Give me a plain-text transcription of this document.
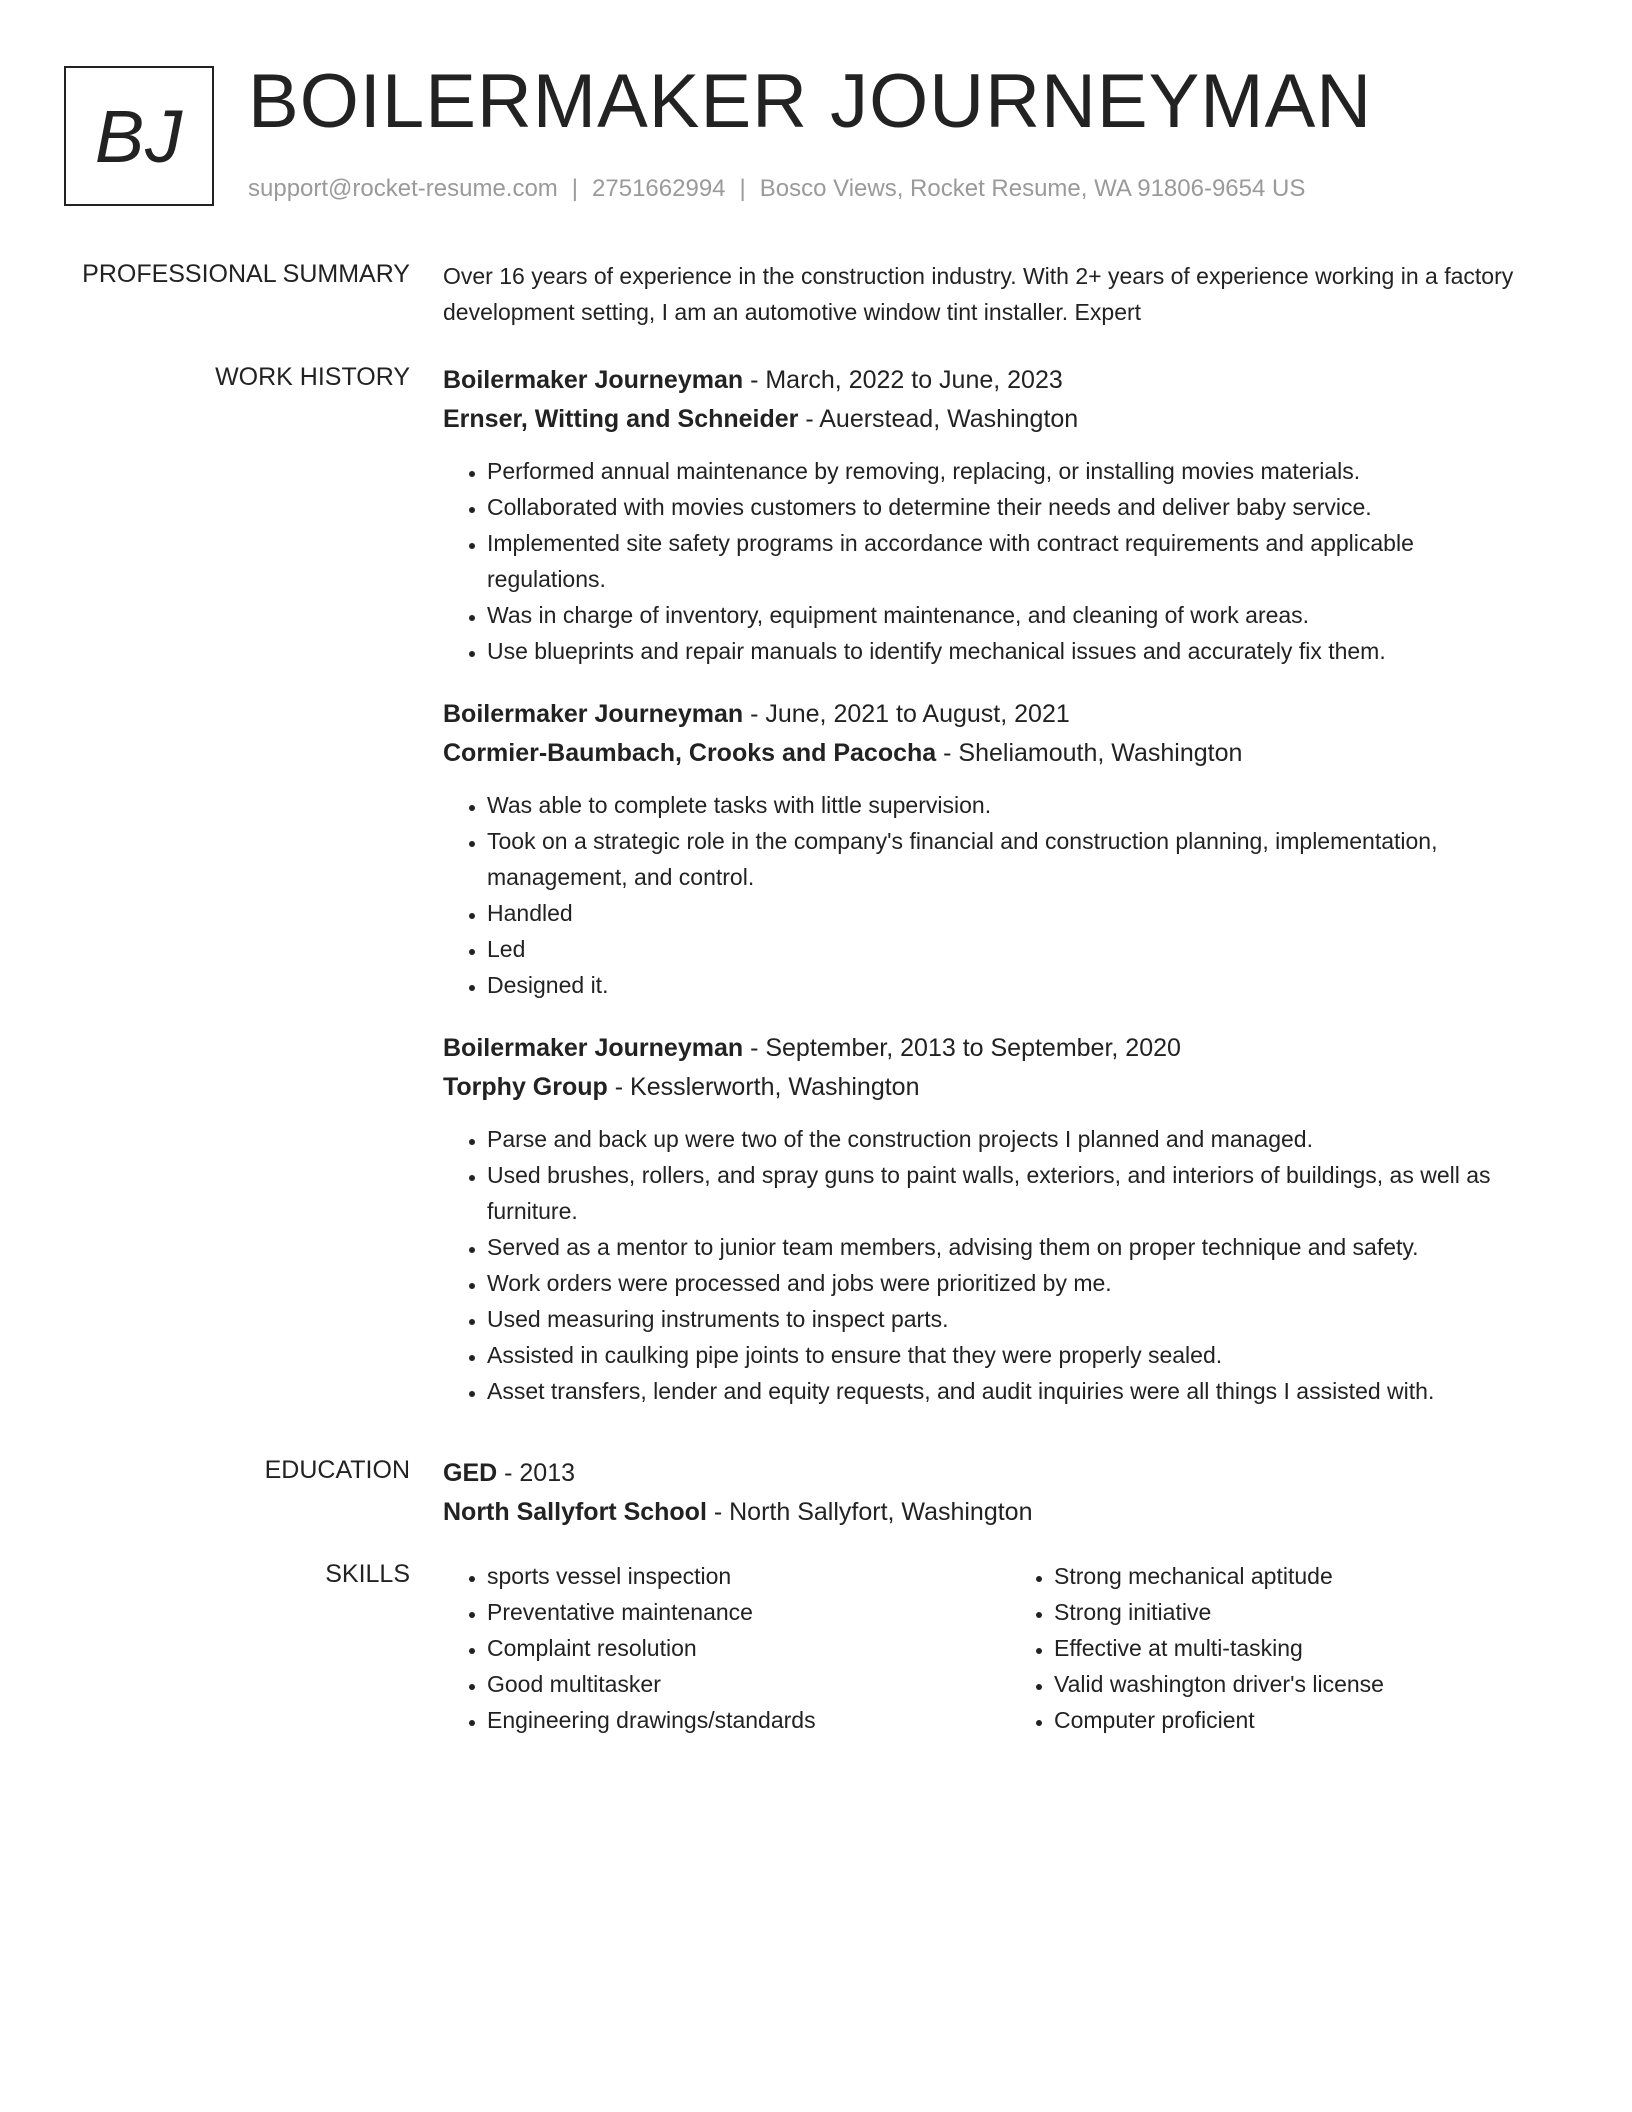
BJ BOILERMAKER JOURNEYMAN
support@rocket-resume.com | 2751662994 | Bosco Views, Rocket Resume, WA 91806-9654 US
PROFESSIONAL SUMMARY Over 16 years of experience in the construction industry. With 2+ years of experience working in a factory development setting, I am an automotive window tint installer. Expert

WORK HISTORY Boilermaker Journeyman - March, 2022 to June, 2023
Ernser, Witting and Schneider - Auerstead, Washington
• Performed annual maintenance by removing, replacing, or installing movies materials.
• Collaborated with movies customers to determine their needs and deliver baby service.
• Implemented site safety programs in accordance with contract requirements and applicable regulations.
• Was in charge of inventory, equipment maintenance, and cleaning of work areas.
• Use blueprints and repair manuals to identify mechanical issues and accurately fix them.
Boilermaker Journeyman - June, 2021 to August, 2021
Cormier-Baumbach, Crooks and Pacocha - Sheliamouth, Washington
• Was able to complete tasks with little supervision.
• Took on a strategic role in the company's financial and construction planning, implementation, management, and control.
• Handled
• Led
• Designed it.
Boilermaker Journeyman - September, 2013 to September, 2020
Torphy Group - Kesslerworth, Washington
• Parse and back up were two of the construction projects I planned and managed.
• Used brushes, rollers, and spray guns to paint walls, exteriors, and interiors of buildings, as well as furniture.
• Served as a mentor to junior team members, advising them on proper technique and safety.
• Work orders were processed and jobs were prioritized by me.
• Used measuring instruments to inspect parts.
• Assisted in caulking pipe joints to ensure that they were properly sealed.
• Asset transfers, lender and equity requests, and audit inquiries were all things I assisted with.
EDUCATION GED - 2013
North Sallyfort School - North Sallyfort, Washington
SKILLS
•	sports vessel inspection
• Preventative maintenance
• Complaint resolution
• Good multitasker
• Engineering drawings/standards
• Strong mechanical aptitude
• Strong initiative
• Effective at multi-tasking
• Valid washington driver's license
• Computer proficient
